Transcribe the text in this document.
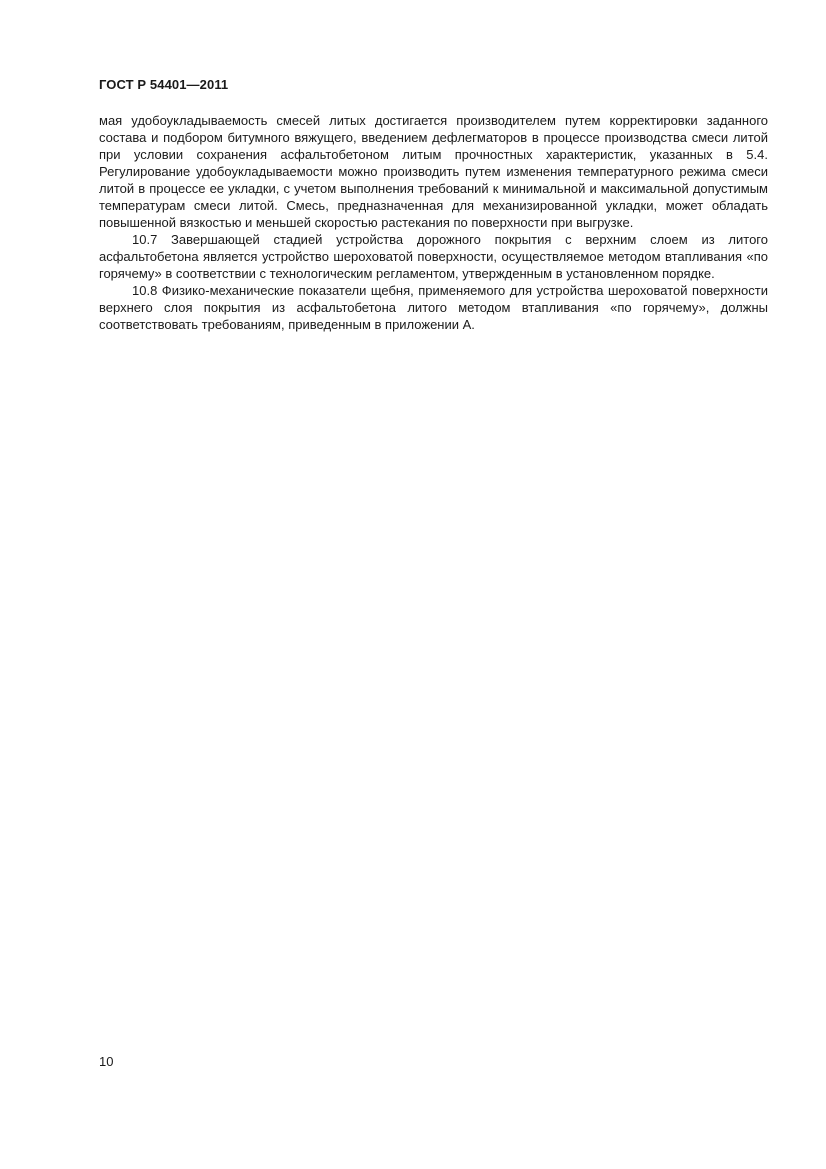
ГОСТ Р 54401—2011

мая удобоукладываемость смесей литых достигается производителем путем корректировки заданного состава и подбором битумного вяжущего, введением дефлегматоров в процессе производства смеси литой при условии сохранения асфальтобетоном литым прочностных характеристик, указанных в 5.4. Регулирование удобоукладываемости можно производить путем изменения температурного режима смеси литой в процессе ее укладки, с учетом выполнения требований к минимальной и максимальной допустимым температурам смеси литой. Смесь, предназначенная для механизированной укладки, может обладать повышенной вязкостью и меньшей скоростью растекания по поверхности при выгрузке.

10.7 Завершающей стадией устройства дорожного покрытия с верхним слоем из литого асфальтобетона является устройство шероховатой поверхности, осуществляемое методом втапливания «по горячему» в соответствии с технологическим регламентом, утвержденным в установленном порядке.

10.8 Физико-механические показатели щебня, применяемого для устройства шероховатой поверхности верхнего слоя покрытия из асфальтобетона литого методом втапливания «по горячему», должны соответствовать требованиям, приведенным в приложении А.

10
